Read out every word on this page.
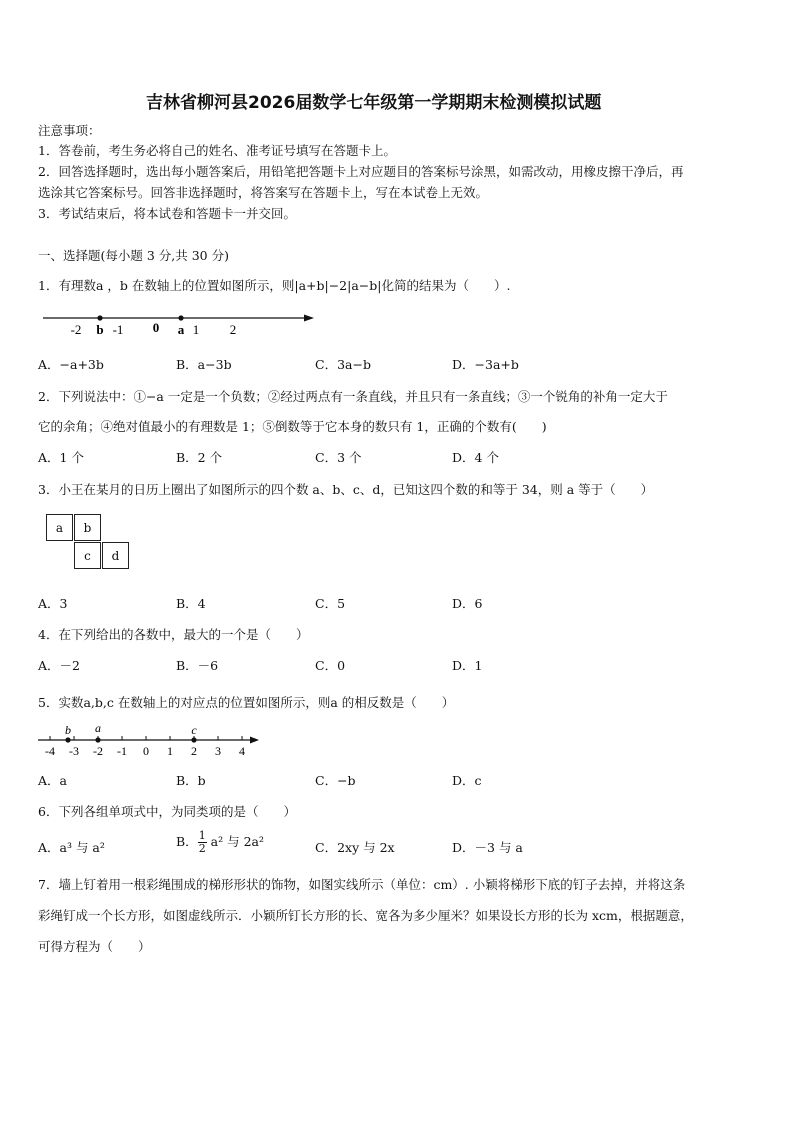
吉林省柳河县2026届数学七年级第一学期期末检测模拟试题
注意事项：
1．答卷前，考生务必将自己的姓名、准考证号填写在答题卡上。
2．回答选择题时，选出每小题答案后，用铅笔把答题卡上对应题目的答案标号涂黑，如需改动，用橡皮擦干净后，再
选涂其它答案标号。回答非选择题时，将答案写在答题卡上，写在本试卷上无效。
3．考试结束后，将本试卷和答题卡一并交回。
一、选择题(每小题 3 分,共 30 分)
1．有理数a ，b 在数轴上的位置如图所示，则|a+b|−2|a−b|化简的结果为（　　）.
-2 b -1 0 a 1 2
A．−a+3b	B．a−3b	C．3a−b	D．−3a+b
2．下列说法中：①−a 一定是一个负数；②经过两点有一条直线，并且只有一条直线；③一个锐角的补角一定大于
它的余角；④绝对值最小的有理数是 1；⑤倒数等于它本身的数只有 1，正确的个数有(　　)
A．1 个	B．2 个	C．3 个	D．4 个
3．小王在某月的日历上圈出了如图所示的四个数 a、b、c、d，已知这四个数的和等于 34，则 a 等于（　　）
a	b
c	d
A．3	B．4	C．5	D．6
4．在下列给出的各数中，最大的一个是（　　）
A．－2	B．－6	C．0	D．1
5．实数a,b,c 在数轴上的对应点的位置如图所示，则a 的相反数是（　　）
b a	c
-4 -3 -2 -1 0 1 2 3 4
A．a	B．b	C．−b	D．c
6．下列各组单项式中，为同类项的是（　　）
A．a³ 与 a²	B． $\frac{1}{2} a^2$ 与 2a²	C．2xy 与 2x	D．－3 与 a
7．墙上钉着用一根彩绳围成的梯形形状的饰物，如图实线所示（单位：cm）. 小颖将梯形下底的钉子去掉，并将这条
彩绳钉成一个长方形，如图虚线所示．小颖所钉长方形的长、宽各为多少厘米？如果设长方形的长为 xcm，根据题意，
可得方程为（　　）
